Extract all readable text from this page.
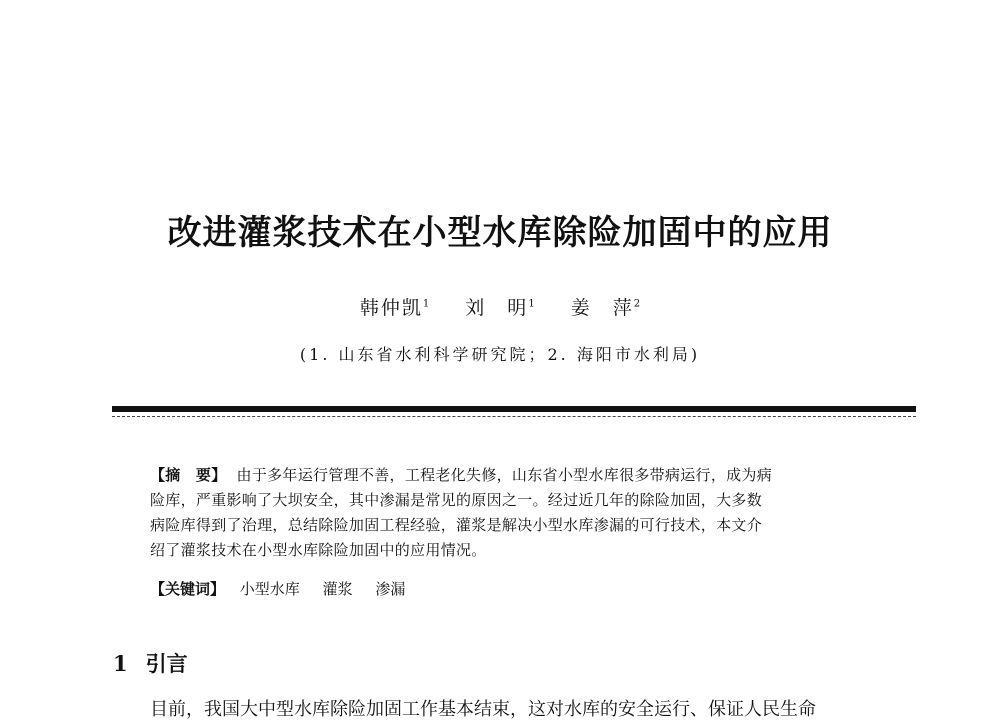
改进灌浆技术在小型水库除险加固中的应用
韩仲凯$^1$ 刘　明$^1$ 姜　萍$^2$
(1. 山东省水利科学研究院；2. 海阳市水利局)

【摘　要】 由于多年运行管理不善，工程老化失修，山东省小型水库很多带病运行，成为病
险库，严重影响了大坝安全，其中渗漏是常见的原因之一。经过近几年的除险加固，大多数
病险库得到了治理，总结除险加固工程经验，灌浆是解决小型水库渗漏的可行技术，本文介
绍了灌浆技术在小型水库除险加固中的应用情况。

【关键词】 小型水库 灌浆 渗漏
1 引言

目前，我国大中型水库除险加固工作基本结束，这对水库的安全运行、保证人民生命
